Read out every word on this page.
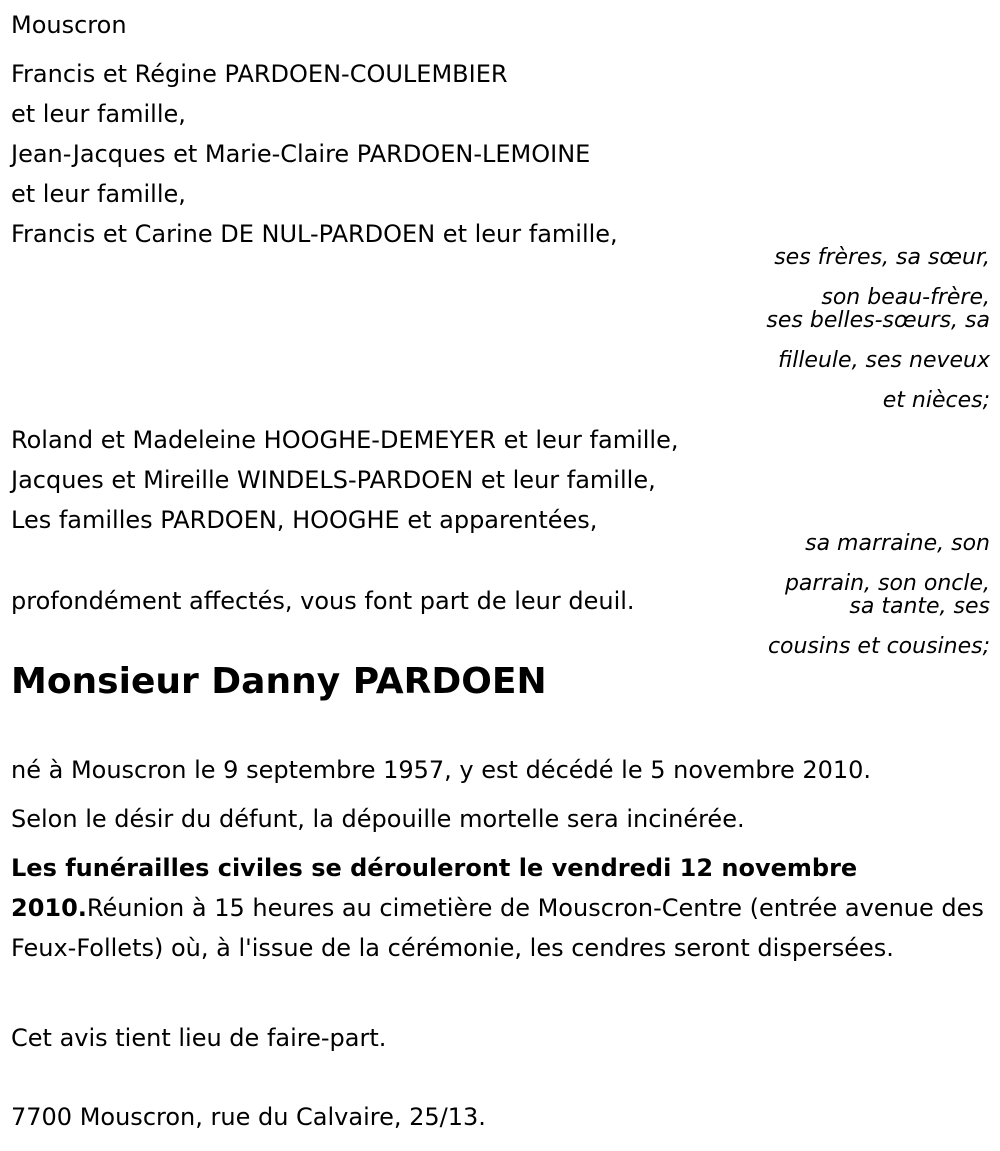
Mouscron
Francis et Régine PARDOEN-COULEMBIER
et leur famille,
Jean-Jacques et Marie-Claire PARDOEN-LEMOINE
et leur famille,
Francis et Carine DE NUL-PARDOEN et leur famille,
ses frères, sa sœur,
son beau-frère,
ses belles-sœurs, sa
filleule, ses neveux
et nièces;
Roland et Madeleine HOOGHE-DEMEYER et leur famille,
Jacques et Mireille WINDELS-PARDOEN et leur famille,
Les familles PARDOEN, HOOGHE et apparentées,
sa marraine, son
parrain, son oncle,
sa tante, ses
cousins et cousines;
profondément affectés, vous font part de leur deuil.
Monsieur Danny PARDOEN
né à Mouscron le 9 septembre 1957, y est décédé le 5 novembre 2010.
Selon le désir du défunt, la dépouille mortelle sera incinérée.
Les funérailles civiles se dérouleront le vendredi 12 novembre 2010.Réunion à 15 heures au cimetière de Mouscron-Centre (entrée avenue des Feux-Follets) où, à l'issue de la cérémonie, les cendres seront dispersées.
Cet avis tient lieu de faire-part.
7700 Mouscron, rue du Calvaire, 25/13.
